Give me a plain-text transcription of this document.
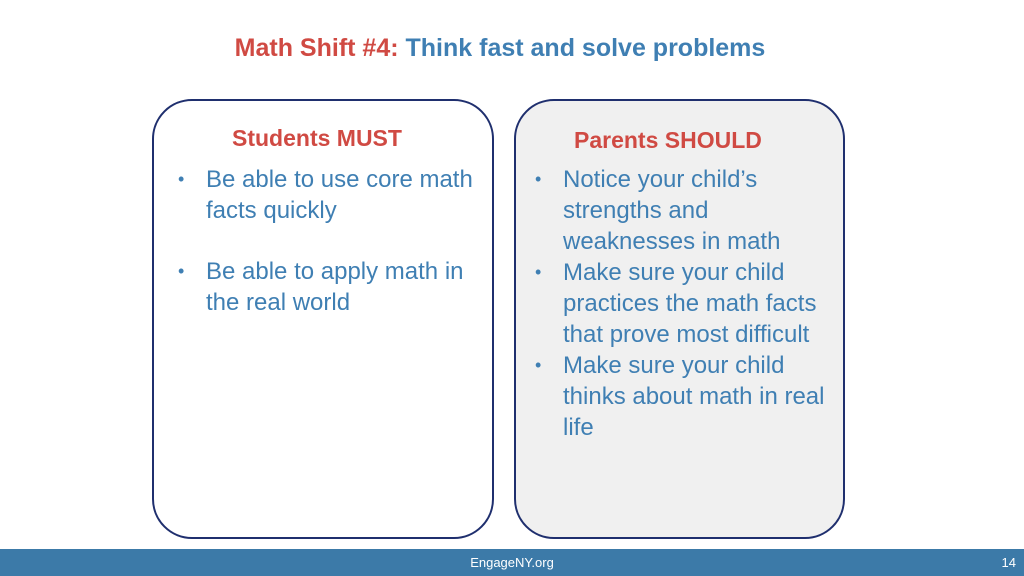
Math Shift #4: Think fast and solve problems
Students MUST
• Be able to use core math facts quickly
• Be able to apply math in the real world
Parents SHOULD
• Notice your child’s strengths and weaknesses in math
• Make sure your child practices the math facts that prove most difficult
• Make sure your child thinks about math in real life
EngageNY.org	14
